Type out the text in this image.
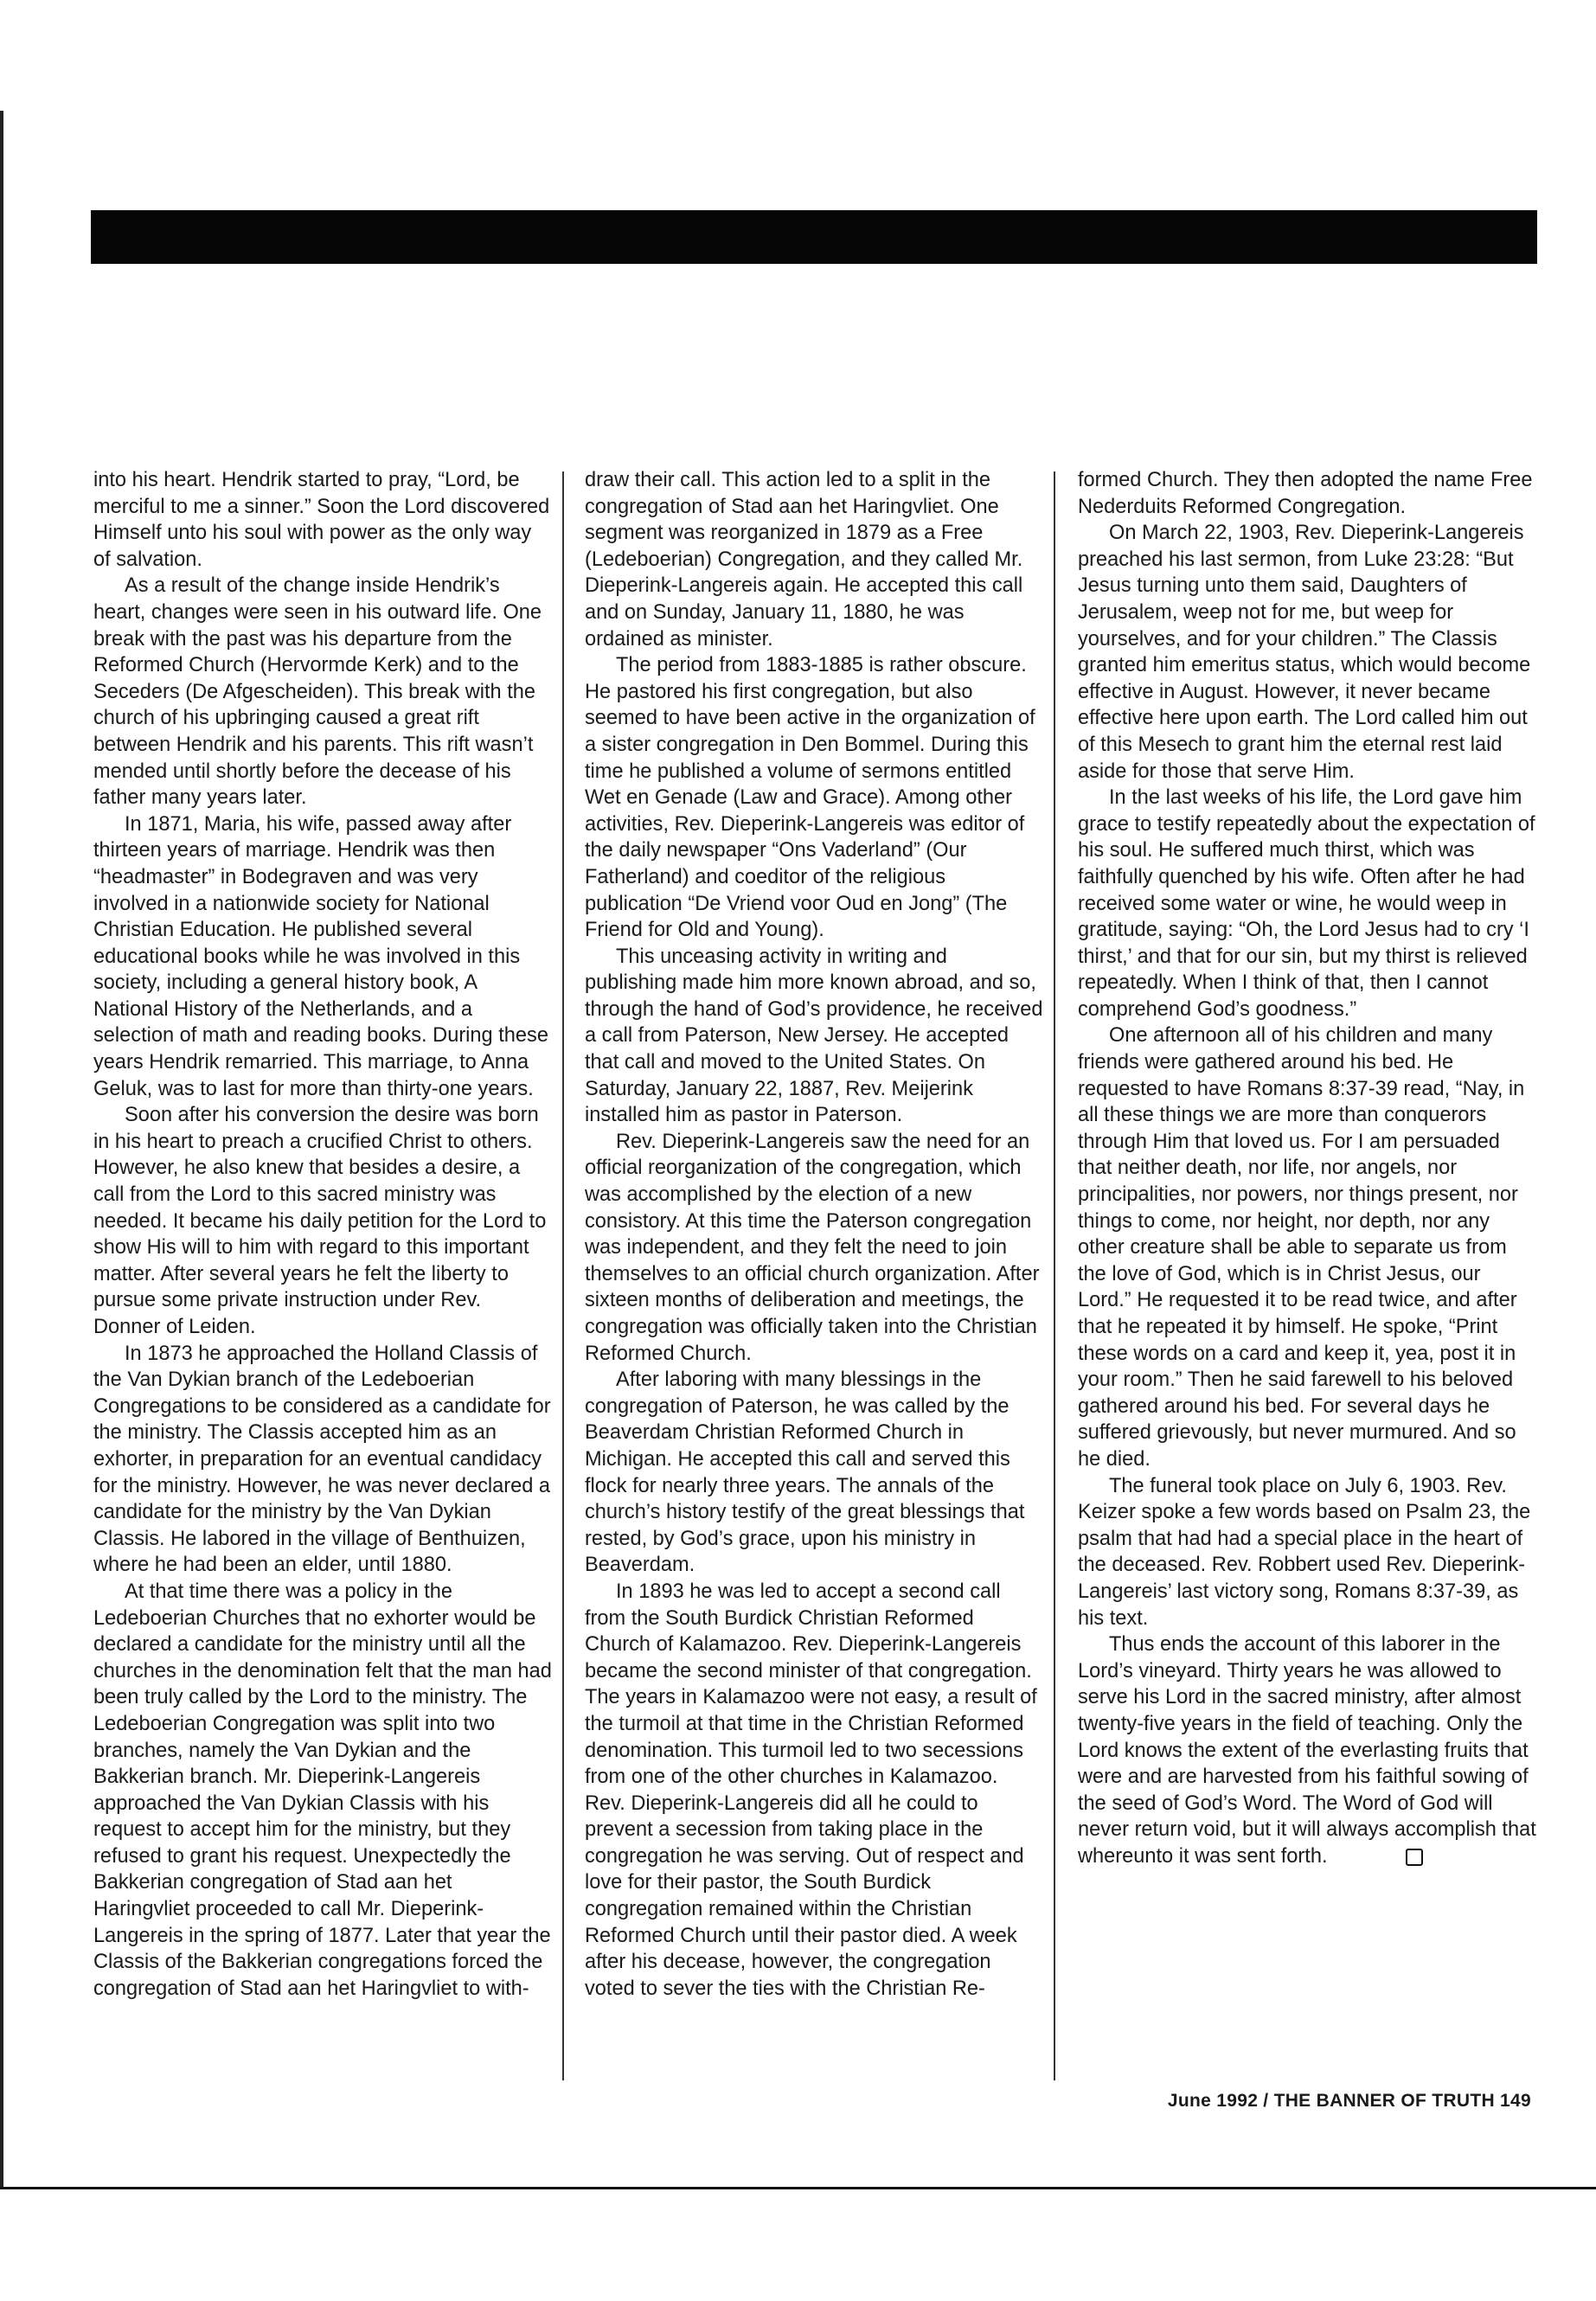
into his heart. Hendrik started to pray, “Lord, be merciful to me a sinner.” Soon the Lord discovered Himself unto his soul with power as the only way of salvation.

As a result of the change inside Hendrik’s heart, changes were seen in his outward life. One break with the past was his departure from the Reformed Church (Hervormde Kerk) and to the Seceders (De Afgescheiden). This break with the church of his upbringing caused a great rift between Hendrik and his parents. This rift wasn’t mended until shortly before the decease of his father many years later.

In 1871, Maria, his wife, passed away after thirteen years of marriage. Hendrik was then “headmaster” in Bodegraven and was very involved in a nationwide society for National Christian Education. He published several educational books while he was involved in this society, including a general history book, A National History of the Netherlands, and a selection of math and reading books. During these years Hendrik remarried. This marriage, to Anna Geluk, was to last for more than thirty-one years.

Soon after his conversion the desire was born in his heart to preach a crucified Christ to others. However, he also knew that besides a desire, a call from the Lord to this sacred ministry was needed. It became his daily petition for the Lord to show His will to him with regard to this important matter. After several years he felt the liberty to pursue some private instruction under Rev. Donner of Leiden.

In 1873 he approached the Holland Classis of the Van Dykian branch of the Ledeboerian Congregations to be considered as a candidate for the ministry. The Classis accepted him as an exhorter, in preparation for an eventual candidacy for the ministry. However, he was never declared a candidate for the ministry by the Van Dykian Classis. He labored in the village of Benthuizen, where he had been an elder, until 1880.

At that time there was a policy in the Ledeboerian Churches that no exhorter would be declared a candidate for the ministry until all the churches in the denomination felt that the man had been truly called by the Lord to the ministry. The Ledeboerian Congregation was split into two branches, namely the Van Dykian and the Bakkerian branch. Mr. Dieperink-Langereis approached the Van Dykian Classis with his request to accept him for the ministry, but they refused to grant his request. Unexpectedly the Bakkerian congregation of Stad aan het Haringvliet proceeded to call Mr. Dieperink-Langereis in the spring of 1877. Later that year the Classis of the Bakkerian congregations forced the congregation of Stad aan het Haringvliet to with-

draw their call. This action led to a split in the congregation of Stad aan het Haringvliet. One segment was reorganized in 1879 as a Free (Ledeboerian) Congregation, and they called Mr. Dieperink-Langereis again. He accepted this call and on Sunday, January 11, 1880, he was ordained as minister.

The period from 1883-1885 is rather obscure. He pastored his first congregation, but also seemed to have been active in the organization of a sister congregation in Den Bommel. During this time he published a volume of sermons entitled Wet en Genade (Law and Grace). Among other activities, Rev. Dieperink-Langereis was editor of the daily newspaper “Ons Vaderland” (Our Fatherland) and coeditor of the religious publication “De Vriend voor Oud en Jong” (The Friend for Old and Young).

This unceasing activity in writing and publishing made him more known abroad, and so, through the hand of God’s providence, he received a call from Paterson, New Jersey. He accepted that call and moved to the United States. On Saturday, January 22, 1887, Rev. Meijerink installed him as pastor in Paterson.

Rev. Dieperink-Langereis saw the need for an official reorganization of the congregation, which was accomplished by the election of a new consistory. At this time the Paterson congregation was independent, and they felt the need to join themselves to an official church organization. After sixteen months of deliberation and meetings, the congregation was officially taken into the Christian Reformed Church.

After laboring with many blessings in the congregation of Paterson, he was called by the Beaverdam Christian Reformed Church in Michigan. He accepted this call and served this flock for nearly three years. The annals of the church’s history testify of the great blessings that rested, by God’s grace, upon his ministry in Beaverdam.

In 1893 he was led to accept a second call from the South Burdick Christian Reformed Church of Kalamazoo. Rev. Dieperink-Langereis became the second minister of that congregation. The years in Kalamazoo were not easy, a result of the turmoil at that time in the Christian Reformed denomination. This turmoil led to two secessions from one of the other churches in Kalamazoo. Rev. Dieperink-Langereis did all he could to prevent a secession from taking place in the congregation he was serving. Out of respect and love for their pastor, the South Burdick congregation remained within the Christian Reformed Church until their pastor died. A week after his decease, however, the congregation voted to sever the ties with the Christian Re-

formed Church. They then adopted the name Free Nederduits Reformed Congregation.

On March 22, 1903, Rev. Dieperink-Langereis preached his last sermon, from Luke 23:28: “But Jesus turning unto them said, Daughters of Jerusalem, weep not for me, but weep for yourselves, and for your children.” The Classis granted him emeritus status, which would become effective in August. However, it never became effective here upon earth. The Lord called him out of this Mesech to grant him the eternal rest laid aside for those that serve Him.

In the last weeks of his life, the Lord gave him grace to testify repeatedly about the expectation of his soul. He suffered much thirst, which was faithfully quenched by his wife. Often after he had received some water or wine, he would weep in gratitude, saying: “Oh, the Lord Jesus had to cry ‘I thirst,’ and that for our sin, but my thirst is relieved repeatedly. When I think of that, then I cannot comprehend God’s goodness.”

One afternoon all of his children and many friends were gathered around his bed. He requested to have Romans 8:37-39 read, “Nay, in all these things we are more than conquerors through Him that loved us. For I am persuaded that neither death, nor life, nor angels, nor principalities, nor powers, nor things present, nor things to come, nor height, nor depth, nor any other creature shall be able to separate us from the love of God, which is in Christ Jesus, our Lord.” He requested it to be read twice, and after that he repeated it by himself. He spoke, “Print these words on a card and keep it, yea, post it in your room.” Then he said farewell to his beloved gathered around his bed. For several days he suffered grievously, but never murmured. And so he died.

The funeral took place on July 6, 1903. Rev. Keizer spoke a few words based on Psalm 23, the psalm that had had a special place in the heart of the deceased. Rev. Robbert used Rev. Dieperink-Langereis’ last victory song, Romans 8:37-39, as his text.

Thus ends the account of this laborer in the Lord’s vineyard. Thirty years he was allowed to serve his Lord in the sacred ministry, after almost twenty-five years in the field of teaching. Only the Lord knows the extent of the everlasting fruits that were and are harvested from his faithful sowing of the seed of God’s Word. The Word of God will never return void, but it will always accomplish that whereunto it was sent forth.

June 1992 / THE BANNER OF TRUTH 149
